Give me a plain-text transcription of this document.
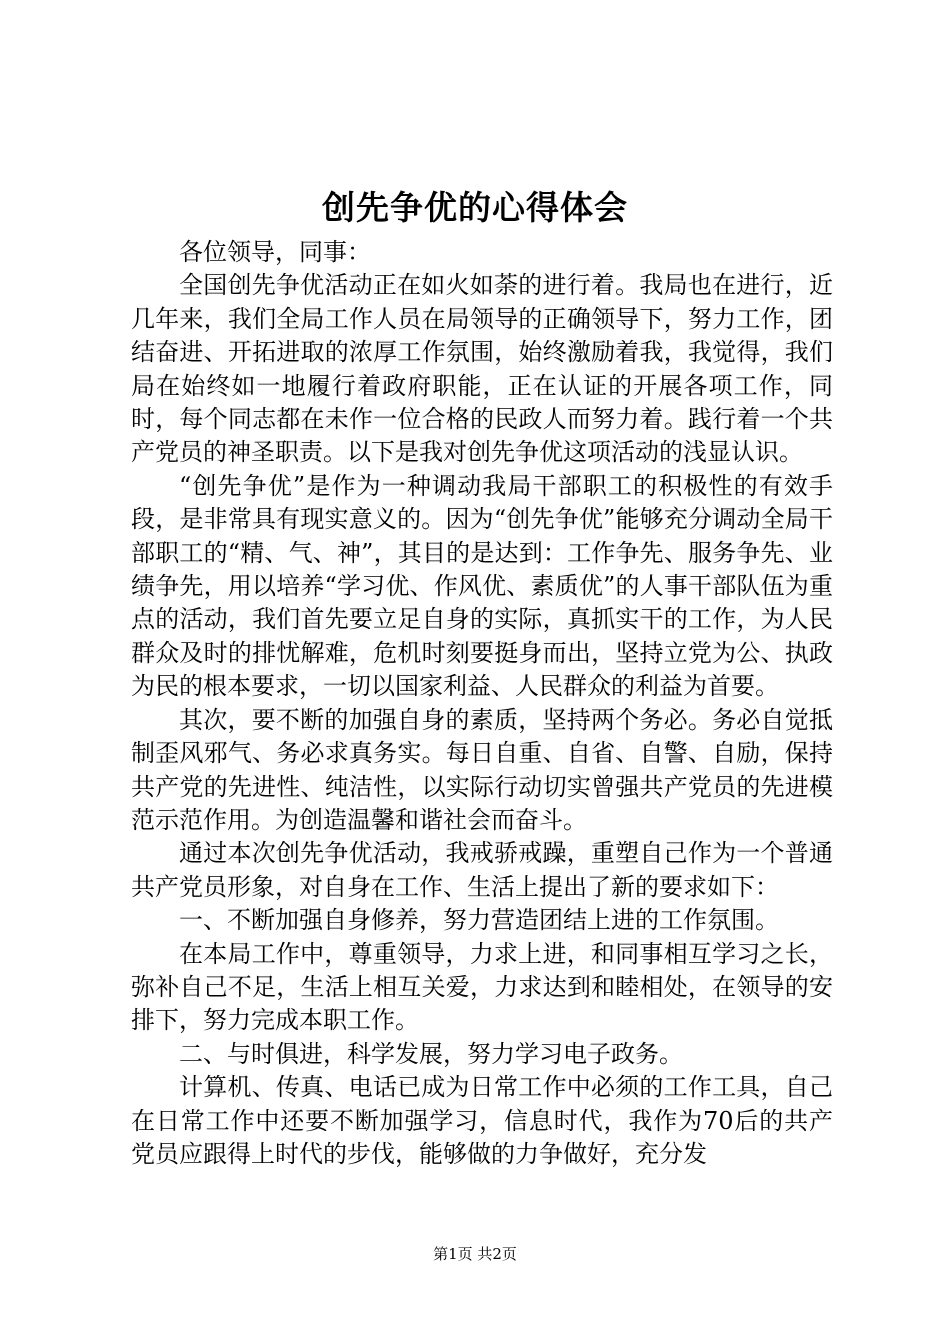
创先争优的心得体会

各位领导，同事：

全国创先争优活动正在如火如荼的进行着。我局也在进行，近几年来，我们全局工作人员在局领导的正确领导下，努力工作，团结奋进、开拓进取的浓厚工作氛围，始终激励着我，我觉得，我们局在始终如一地履行着政府职能，正在认证的开展各项工作，同时，每个同志都在未作一位合格的民政人而努力着。践行着一个共产党员的神圣职责。以下是我对创先争优这项活动的浅显认识。

“创先争优”是作为一种调动我局干部职工的积极性的有效手段，是非常具有现实意义的。因为“创先争优”能够充分调动全局干部职工的“精、气、神”，其目的是达到：工作争先、服务争先、业绩争先，用以培养“学习优、作风优、素质优”的人事干部队伍为重点的活动，我们首先要立足自身的实际，真抓实干的工作，为人民群众及时的排忧解难，危机时刻要挺身而出，坚持立党为公、执政为民的根本要求，一切以国家利益、人民群众的利益为首要。

其次，要不断的加强自身的素质，坚持两个务必。务必自觉抵制歪风邪气、务必求真务实。每日自重、自省、自警、自励，保持共产党的先进性、纯洁性，以实际行动切实曾强共产党员的先进模范示范作用。为创造温馨和谐社会而奋斗。

通过本次创先争优活动，我戒骄戒躁，重塑自己作为一个普通共产党员形象，对自身在工作、生活上提出了新的要求如下：

一、不断加强自身修养，努力营造团结上进的工作氛围。

在本局工作中，尊重领导，力求上进，和同事相互学习之长，弥补自己不足，生活上相互关爱，力求达到和睦相处，在领导的安排下，努力完成本职工作。

二、与时俱进，科学发展，努力学习电子政务。

计算机、传真、电话已成为日常工作中必须的工作工具，自己在日常工作中还要不断加强学习，信息时代，我作为70后的共产党员应跟得上时代的步伐，能够做的力争做好，充分发

第1页 共2页
